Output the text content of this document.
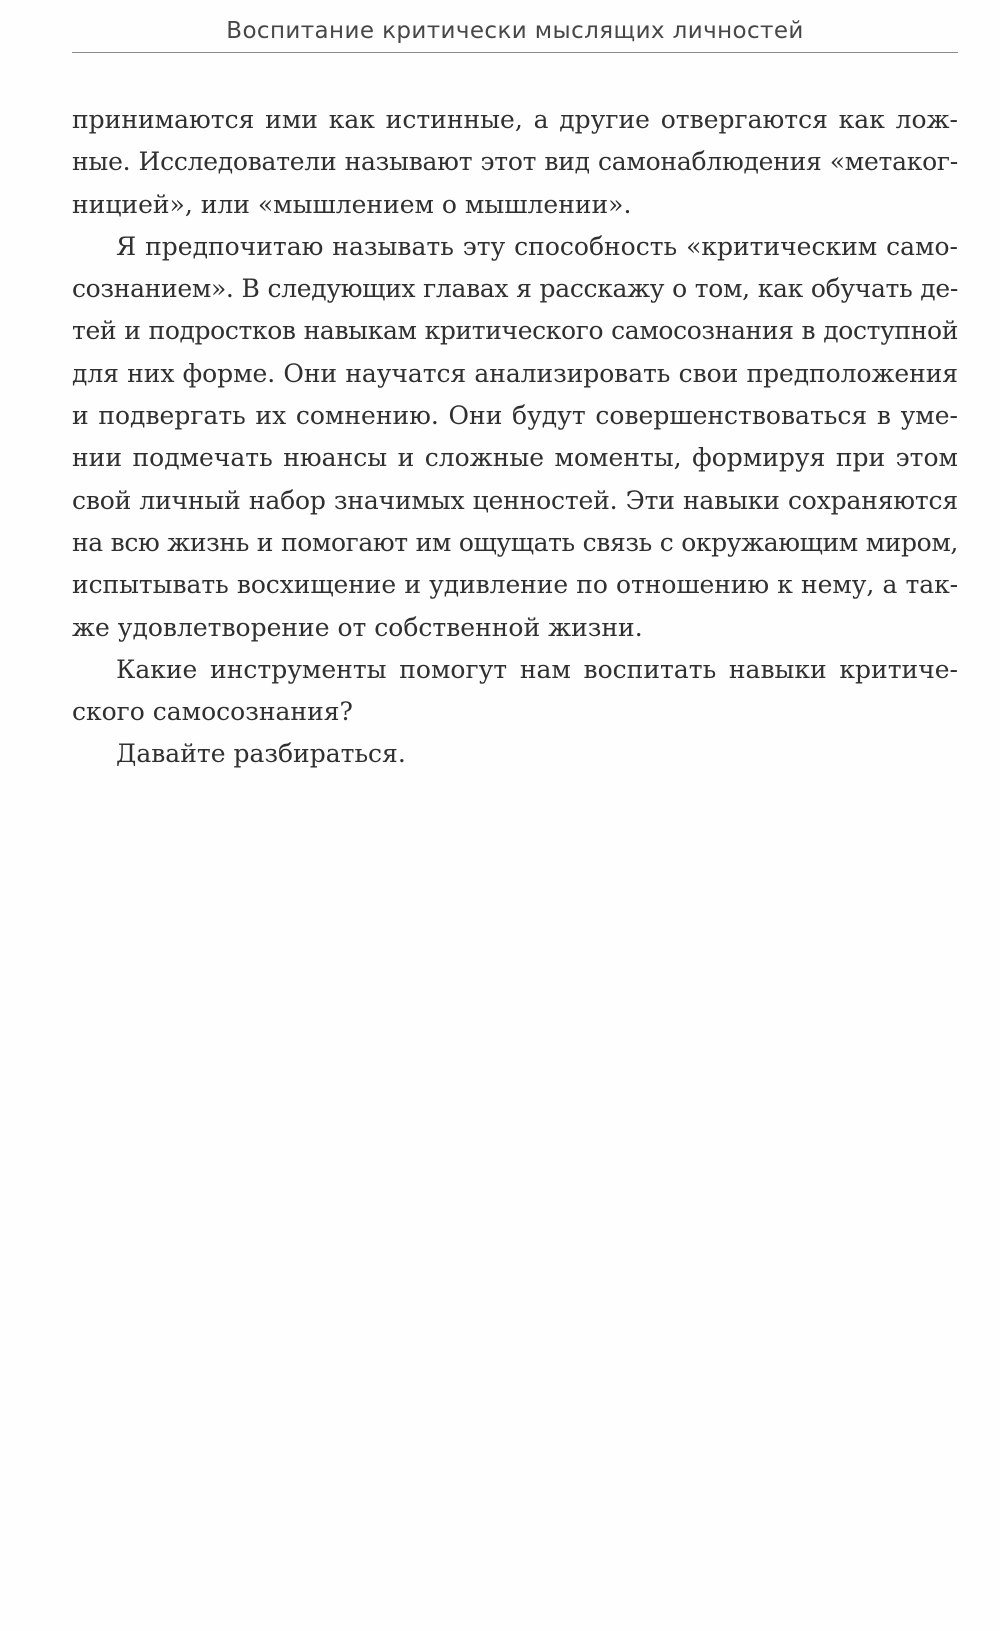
Воспитание критически мыслящих личностей

принимаются ими как истинные, а другие отвергаются как лож-
ные. Исследователи называют этот вид самонаблюдения «метаког-
ницией», или «мышлением о мышлении».

Я предпочитаю называть эту способность «критическим само-
сознанием». В следующих главах я расскажу о том, как обучать де-
тей и подростков навыкам критического самосознания в доступной
для них форме. Они научатся анализировать свои предположения
и подвергать их сомнению. Они будут совершенствоваться в уме-
нии подмечать нюансы и сложные моменты, формируя при этом
свой личный набор значимых ценностей. Эти навыки сохраняются
на всю жизнь и помогают им ощущать связь с окружающим миром,
испытывать восхищение и удивление по отношению к нему, а так-
же удовлетворение от собственной жизни.

Какие инструменты помогут нам воспитать навыки критиче-
ского самосознания?

Давайте разбираться.
